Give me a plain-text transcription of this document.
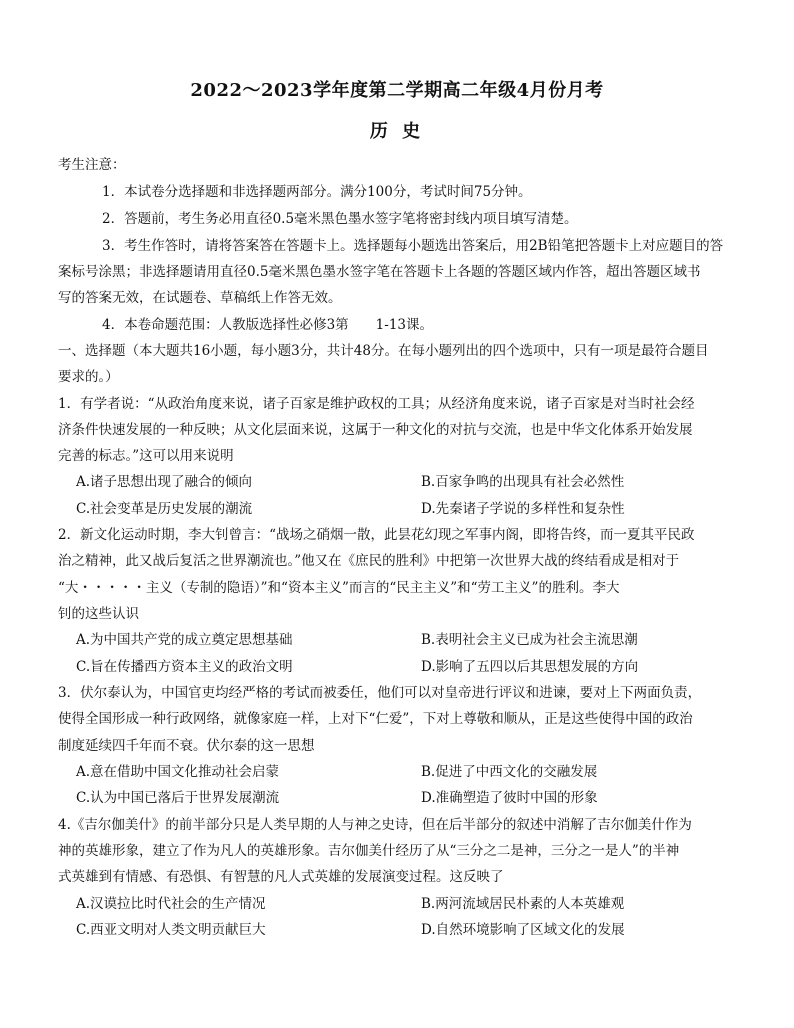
2022～2023学年度第二学期高二年级4月份月考
历 史
考生注意：
1．本试卷分选择题和非选择题两部分。满分100分，考试时间75分钟。
2．答题前，考生务必用直径0.5毫米黑色墨水签字笔将密封线内项目填写清楚。
3．考生作答时，请将答案答在答题卡上。选择题每小题选出答案后，用2B铅笔把答题卡上对应题目的答
案标号涂黑；非选择题请用直径0.5毫米黑色墨水签字笔在答题卡上各题的答题区域内作答，超出答题区域书
写的答案无效，在试题卷、草稿纸上作答无效。
4．本卷命题范围：人教版选择性必修3第　　1-13课。
一、选择题（本大题共16小题，每小题3分，共计48分。在每小题列出的四个选项中，只有一项是最符合题目
要求的。）
1．有学者说：“从政治角度来说，诸子百家是维护政权的工具；从经济角度来说，诸子百家是对当时社会经
济条件快速发展的一种反映；从文化层面来说，这属于一种文化的对抗与交流，也是中华文化体系开始发展
完善的标志。”这可以用来说明
A.诸子思想出现了融合的倾向	B.百家争鸣的出现具有社会必然性
C.社会变革是历史发展的潮流	D.先秦诸子学说的多样性和复杂性
2．新文化运动时期，李大钊曾言：“战场之硝烟一散，此昙花幻现之军事内阁，即将告终，而一夏其平民政
治之精神，此又战后复活之世界潮流也。”他又在《庶民的胜利》中把第一次世界大战的终结看成是相对于
“大・・・・・主义（专制的隐语）”和“资本主义”而言的“民主主义”和“劳工主义”的胜利。李大
钊的这些认识
A.为中国共产党的成立奠定思想基础	B.表明社会主义已成为社会主流思潮
C.旨在传播西方资本主义的政治文明	D.影响了五四以后其思想发展的方向
3．伏尔泰认为，中国官吏均经严格的考试而被委任，他们可以对皇帝进行评议和进谏，要对上下两面负责，
使得全国形成一种行政网络，就像家庭一样，上对下“仁爱”，下对上尊敬和顺从，正是这些使得中国的政治
制度延续四千年而不衰。伏尔泰的这一思想
A.意在借助中国文化推动社会启蒙	B.促进了中西文化的交融发展
C.认为中国已落后于世界发展潮流	D.准确塑造了彼时中国的形象
4.《吉尔伽美什》的前半部分只是人类早期的人与神之史诗，但在后半部分的叙述中消解了吉尔伽美什作为
神的英雄形象，建立了作为凡人的英雄形象。吉尔伽美什经历了从“三分之二是神，三分之一是人”的半神
式英雄到有情感、有恐惧、有智慧的凡人式英雄的发展演变过程。这反映了
A.汉谟拉比时代社会的生产情况	B.两河流域居民朴素的人本英雄观
C.西亚文明对人类文明贡献巨大	D.自然环境影响了区域文化的发展
